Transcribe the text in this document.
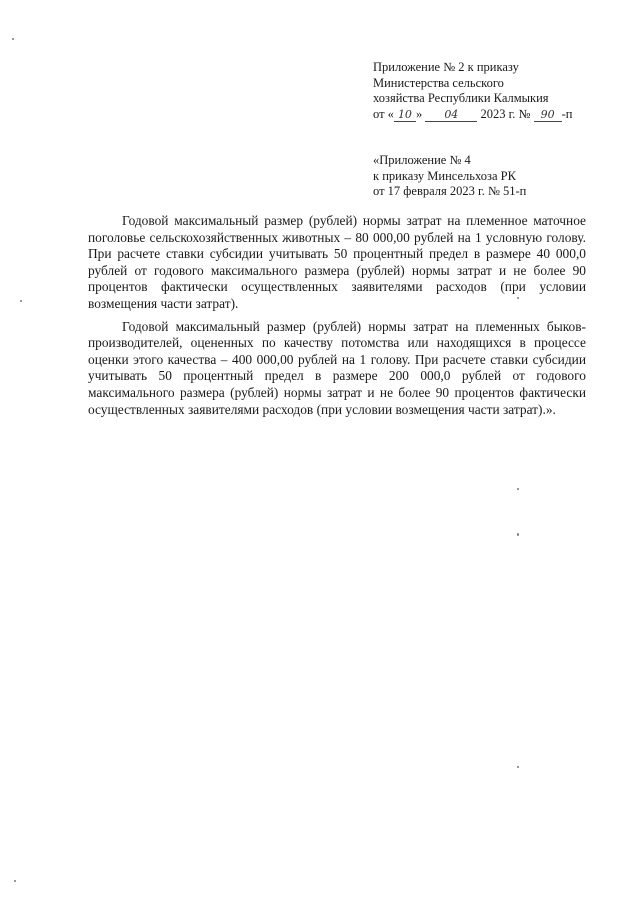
Приложение № 2 к приказу
Министерства сельского
хозяйства Республики Калмыкия
от « 10 » 04 2023 г. № 90 -п
«Приложение № 4
к приказу Минсельхоза РК
от 17 февраля 2023 г. № 51-п

Годовой максимальный размер (рублей) нормы затрат на племенное маточное поголовье сельскохозяйственных животных – 80 000,00 рублей на 1 условную голову. При расчете ставки субсидии учитывать 50 процентный предел в размере 40 000,0 рублей от годового максимального размера (рублей) нормы затрат и не более 90 процентов фактически осуществленных заявителями расходов (при условии возмещения части затрат).

Годовой максимальный размер (рублей) нормы затрат на племенных быков-производителей, оцененных по качеству потомства или находящихся в процессе оценки этого качества – 400 000,00 рублей на 1 голову. При расчете ставки субсидии учитывать 50 процентный предел в размере 200 000,0 рублей от годового максимального размера (рублей) нормы затрат и не более 90 процентов фактически осуществленных заявителями расходов (при условии возмещения части затрат).».
